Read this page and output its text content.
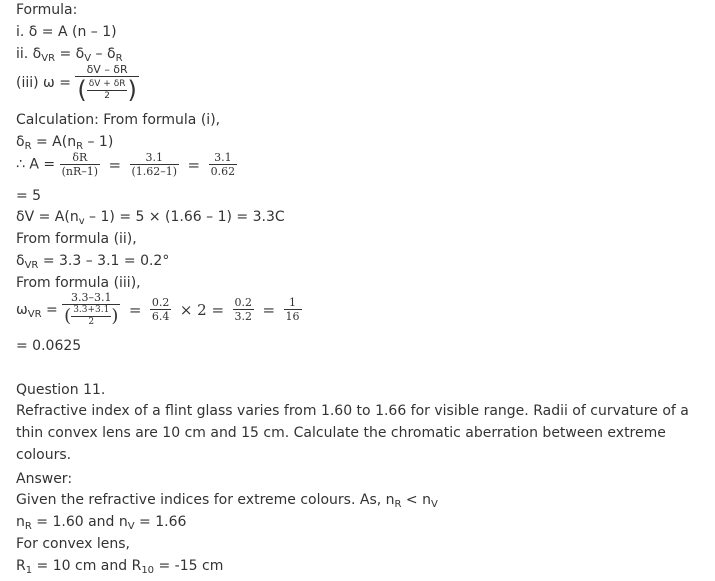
Formula:
i. δ = A (n – 1)
ii. $\delta_{VR} = \delta_V - \delta_R$
(iii) $\omega = \frac{\delta V - \delta R}{( \frac{\delta V + \delta R}{2} )}$
Calculation: From formula (i),
$\delta_R = A(n_R - 1)$
∴ $A = \frac{\delta R}{(nR-1)} = \frac{3.1}{(1.62-1)} = \frac{3.1}{0.62}$
= 5
$\delta V = A(n_v - 1) = 5 \times (1.66 - 1) = 3.3C$
From formula (ii),
$\delta_{VR} = 3.3 - 3.1 = 0.2^\circ$
From formula (iii),
$\omega_{VR} = \frac{3.3-3.1}{( \frac{3.3+3.1}{2} )} = \frac{0.2}{6.4} \times 2 = \frac{0.2}{3.2} = \frac{1}{16}$
= 0.0625
Question 11.
Refractive index of a flint glass varies from 1.60 to 1.66 for visible range. Radii of curvature of a thin convex lens are 10 cm and 15 cm. Calculate the chromatic aberration between extreme colours.
Answer:
Given the refractive indices for extreme colours. As, $n_R < n_V$
$n_R = 1.60$ and $n_V = 1.66$
For convex lens,
$R_1 = 10$ cm and $R_{10} = -15$ cm
